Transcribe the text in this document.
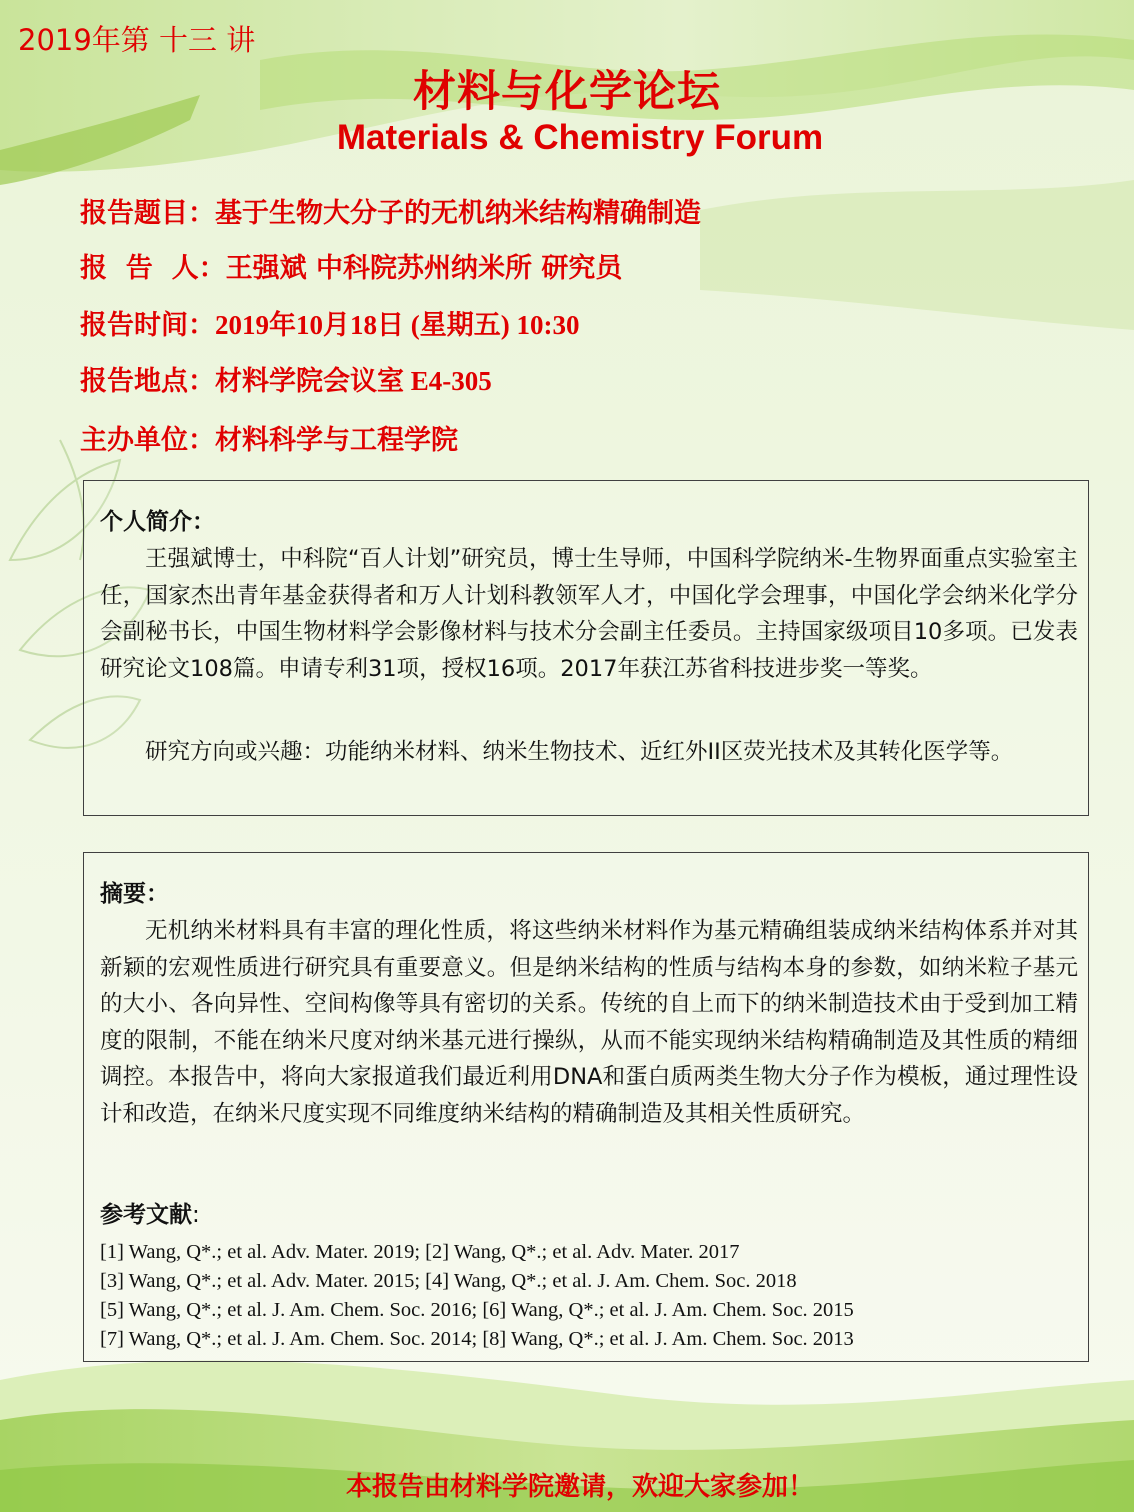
2019年第 十三 讲
材料与化学论坛
Materials & Chemistry Forum
报告题目：基于生物大分子的无机纳米结构精确制造
报  告  人：王强斌 中科院苏州纳米所 研究员
报告时间：2019年10月18日 (星期五) 10:30
报告地点：材料学院会议室 E4-305
主办单位：材料科学与工程学院
个人简介：
王强斌博士，中科院“百人计划”研究员，博士生导师，中国科学院纳米-生物界面重点实验室主任，国家杰出青年基金获得者和万人计划科教领军人才，中国化学会理事，中国化学会纳米化学分会副秘书长，中国生物材料学会影像材料与技术分会副主任委员。主持国家级项目10多项。已发表研究论文108篇。申请专利31项，授权16项。2017年获江苏省科技进步奖一等奖。
研究方向或兴趣：功能纳米材料、纳米生物技术、近红外II区荧光技术及其转化医学等。
摘要：
无机纳米材料具有丰富的理化性质，将这些纳米材料作为基元精确组装成纳米结构体系并对其新颖的宏观性质进行研究具有重要意义。但是纳米结构的性质与结构本身的参数，如纳米粒子基元的大小、各向异性、空间构像等具有密切的关系。传统的自上而下的纳米制造技术由于受到加工精度的限制，不能在纳米尺度对纳米基元进行操纵，从而不能实现纳米结构精确制造及其性质的精细调控。本报告中，将向大家报道我们最近利用DNA和蛋白质两类生物大分子作为模板，通过理性设计和改造，在纳米尺度实现不同维度纳米结构的精确制造及其相关性质研究。
参考文献:
[1] Wang, Q*.; et al. Adv. Mater. 2019; [2] Wang, Q*.; et al. Adv. Mater. 2017
[3] Wang, Q*.; et al. Adv. Mater. 2015; [4] Wang, Q*.; et al. J. Am. Chem. Soc. 2018
[5] Wang, Q*.; et al. J. Am. Chem. Soc. 2016; [6] Wang, Q*.; et al. J. Am. Chem. Soc. 2015
[7] Wang, Q*.; et al. J. Am. Chem. Soc. 2014; [8] Wang, Q*.; et al. J. Am. Chem. Soc. 2013
本报告由材料学院邀请，欢迎大家参加！
